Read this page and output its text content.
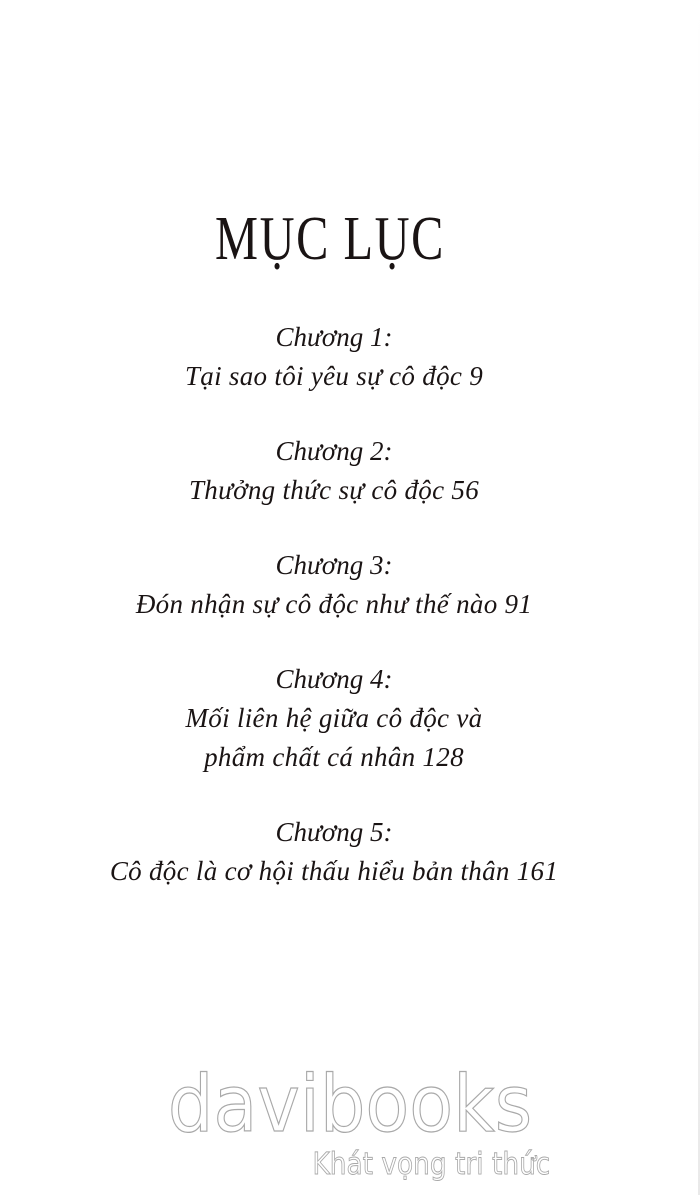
MỤC LỤC
Chương 1:
Tại sao tôi yêu sự cô độc 9
Chương 2:
Thưởng thức sự cô độc 56
Chương 3:
Đón nhận sự cô độc như thế nào 91
Chương 4:
Mối liên hệ giữa cô độc và
phẩm chất cá nhân 128
Chương 5:
Cô độc là cơ hội thấu hiểu bản thân 161
davibooks
Khát vọng tri thức
